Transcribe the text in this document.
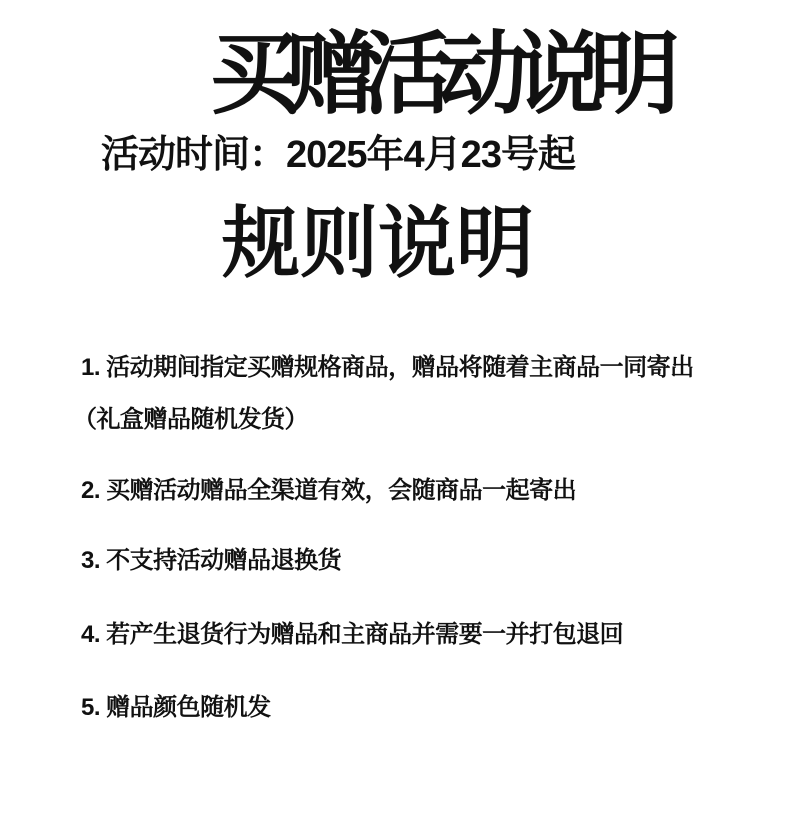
买赠活动说明
活动时间：2025年4月23号起
规则说明
1. 活动期间指定买赠规格商品，赠品将随着主商品一同寄出
（礼盒赠品随机发货）
2. 买赠活动赠品全渠道有效，会随商品一起寄出
3. 不支持活动赠品退换货
4. 若产生退货行为赠品和主商品并需要一并打包退回
5. 赠品颜色随机发
